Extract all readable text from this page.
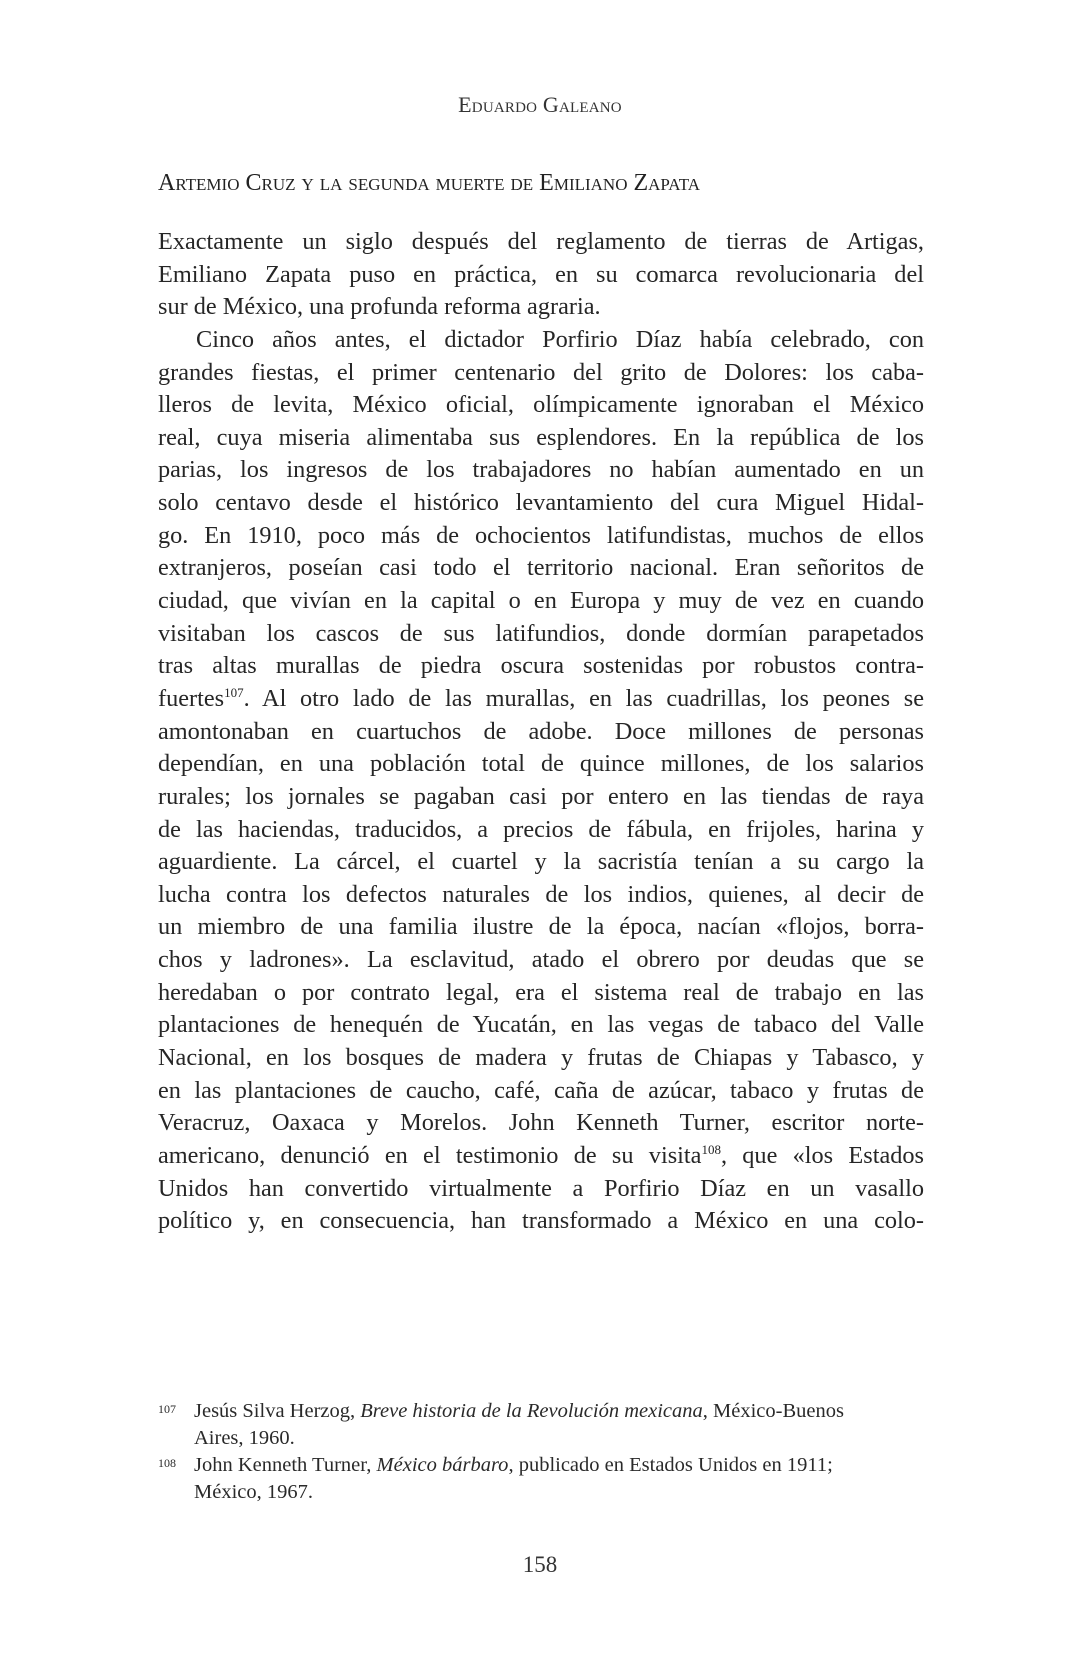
Eduardo Galeano
Artemio Cruz y la segunda muerte de Emiliano Zapata
Exactamente un siglo después del reglamento de tierras de Artigas,
Emiliano Zapata puso en práctica, en su comarca revolucionaria del
sur de México, una profunda reforma agraria.
Cinco años antes, el dictador Porfirio Díaz había celebrado, con
grandes fiestas, el primer centenario del grito de Dolores: los caba-
lleros de levita, México oficial, olímpicamente ignoraban el México
real, cuya miseria alimentaba sus esplendores. En la república de los
parias, los ingresos de los trabajadores no habían aumentado en un
solo centavo desde el histórico levantamiento del cura Miguel Hidal-
go. En 1910, poco más de ochocientos latifundistas, muchos de ellos
extranjeros, poseían casi todo el territorio nacional. Eran señoritos de
ciudad, que vivían en la capital o en Europa y muy de vez en cuando
visitaban los cascos de sus latifundios, donde dormían parapetados
tras altas murallas de piedra oscura sostenidas por robustos contra-
fuertes$^{107}$. Al otro lado de las murallas, en las cuadrillas, los peones se
amontonaban en cuartuchos de adobe. Doce millones de personas
dependían, en una población total de quince millones, de los salarios
rurales; los jornales se pagaban casi por entero en las tiendas de raya
de las haciendas, traducidos, a precios de fábula, en frijoles, harina y
aguardiente. La cárcel, el cuartel y la sacristía tenían a su cargo la
lucha contra los defectos naturales de los indios, quienes, al decir de
un miembro de una familia ilustre de la época, nacían «flojos, borra-
chos y ladrones». La esclavitud, atado el obrero por deudas que se
heredaban o por contrato legal, era el sistema real de trabajo en las
plantaciones de henequén de Yucatán, en las vegas de tabaco del Valle
Nacional, en los bosques de madera y frutas de Chiapas y Tabasco, y
en las plantaciones de caucho, café, caña de azúcar, tabaco y frutas de
Veracruz, Oaxaca y Morelos. John Kenneth Turner, escritor norte-
americano, denunció en el testimonio de su visita$^{108}$, que «los Estados
Unidos han convertido virtualmente a Porfirio Díaz en un vasallo
político y, en consecuencia, han transformado a México en una colo-
107 Jesús Silva Herzog, Breve historia de la Revolución mexicana, México-Buenos
Aires, 1960.
108 John Kenneth Turner, México bárbaro, publicado en Estados Unidos en 1911;
México, 1967.
158
